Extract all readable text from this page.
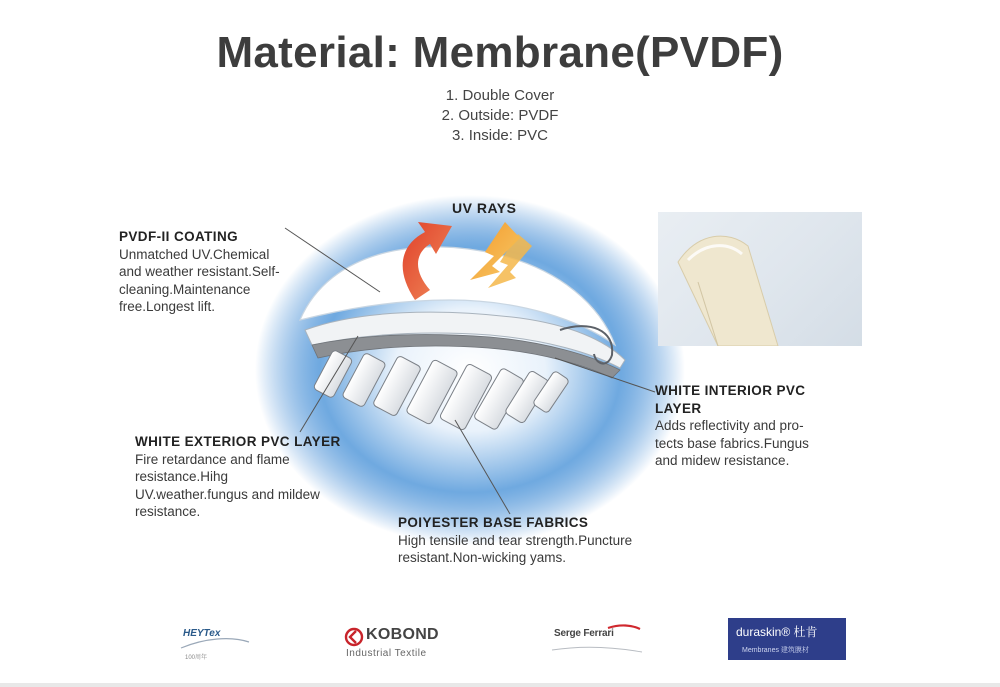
Material: Membrane(PVDF)
1. Double Cover
2. Outside: PVDF
3. Inside: PVC
UV RAYS
PVDF-II COATING
Unmatched UV.Chemical
and weather resistant.Self-
cleaning.Maintenance
free.Longest lift.
WHITE EXTERIOR PVC LAYER
Fire retardance and flame
resistance.Hihg
UV.weather.fungus and mildew
resistance.
WHITE INTERIOR PVC
LAYER
Adds reflectivity and pro-
tects base fabrics.Fungus
and midew resistance.
POIYESTER BASE FABRICS
High tensile and tear strength.Puncture
resistant.Non-wicking yams.
HEYTex
100周年
KOBOND
Industrial Textile
Serge Ferrari	duraskin® 杜肯
Membranes 建筑膜材
